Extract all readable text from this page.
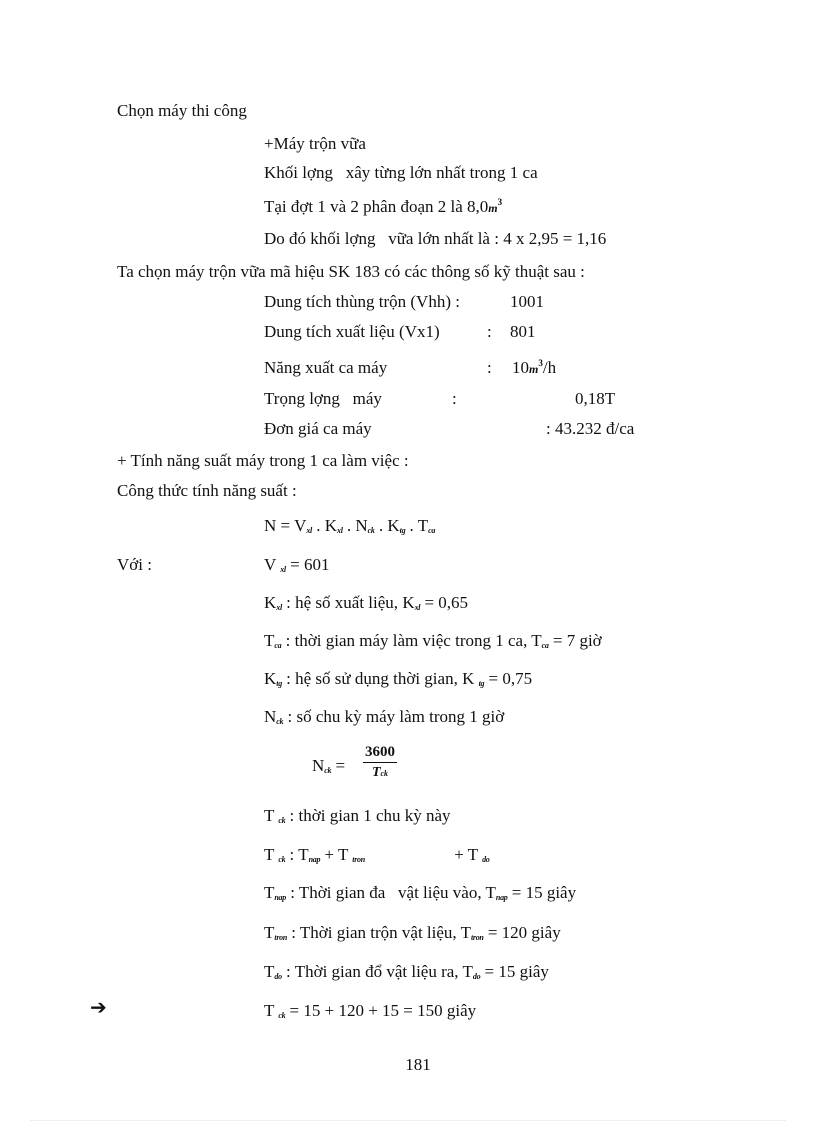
Chọn máy thi công
+Máy trộn vữa
Khối lợng   xây từng lớn nhất trong 1 ca
Tại đợt 1 và 2 phân đoạn 2 là $8,0m^3$
Do đó khối lợng   vữa lớn nhất là : 4 x 2,95 = 1,16
Ta chọn máy trộn vữa mã hiệu SK 183 có các thông số kỹ thuật sau :
Dung tích thùng trộn (Vhh) :	1001
Dung tích xuất liệu (Vx1)	: 801
Năng xuất ca máy	: $10m^3/h$
Trọng lợng   máy	:	0,18T
Đơn giá ca máy	: 43.232 đ/ca
+ Tính năng suất máy trong 1 ca làm việc :
Công thức tính năng suất :
N = Vxl . Kxl . Nck . Ktg . Tca
Với :	V xl = 601
Kxl : hệ số xuất liệu, Kxl = 0,65
Tca : thời gian máy làm việc trong 1 ca, Tca = 7 giờ
Ktg : hệ số sử dụng thời gian, K tg = 0,75
Nck : số chu kỳ máy làm trong 1 giờ
Nck =
3600
Tck
T ck : thời gian 1 chu kỳ này
T ck : Tnap + T tron	+ T do
Tnap : Thời gian đa   vật liệu vào, Tnap = 15 giây
Ttron : Thời gian trộn vật liệu, Ttron = 120 giây
Tdo : Thời gian đổ vật liệu ra, Tdo = 15 giây
➔	T ck = 15 + 120 + 15 = 150 giây
181
